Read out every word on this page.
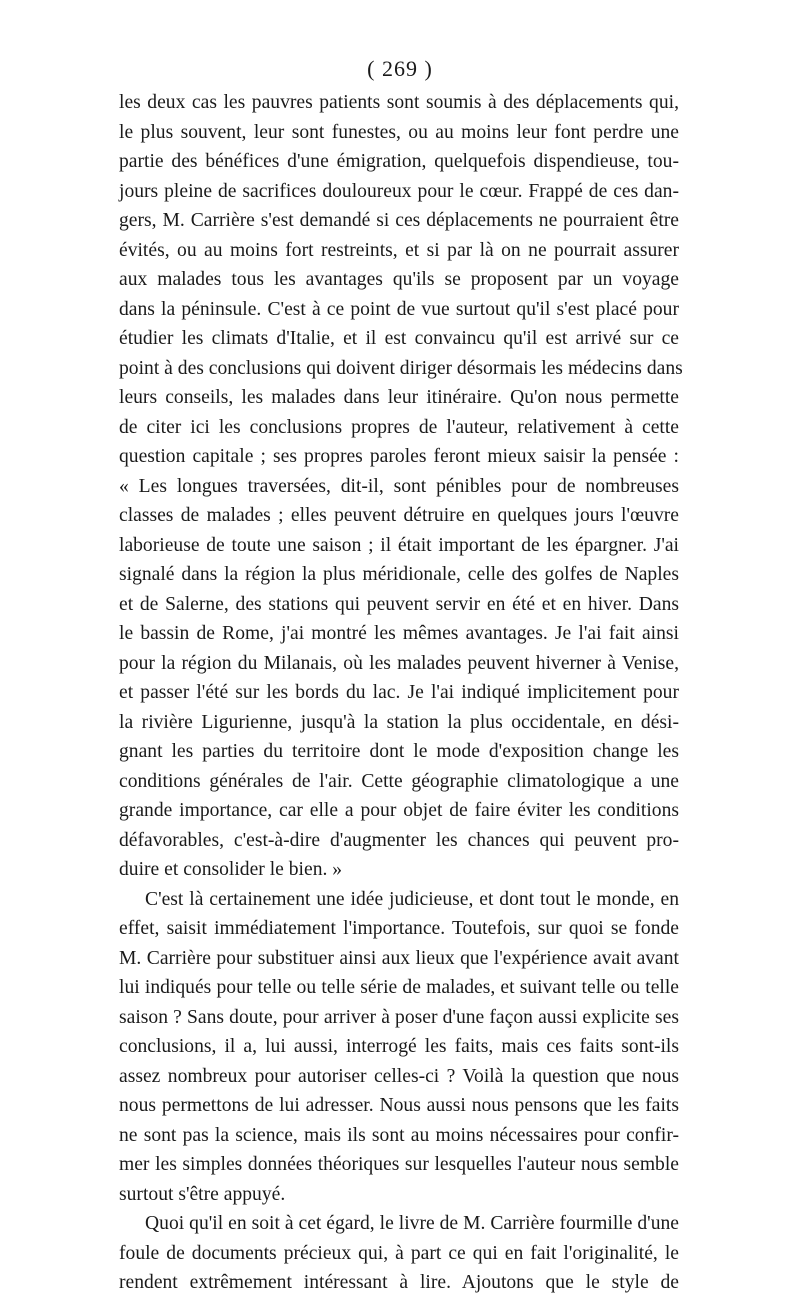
( 269 )
les deux cas les pauvres patients sont soumis à des déplacements qui,
le plus souvent, leur sont funestes, ou au moins leur font perdre une
partie des bénéfices d'une émigration, quelquefois dispendieuse, tou-
jours pleine de sacrifices douloureux pour le cœur. Frappé de ces dan-
gers, M. Carrière s'est demandé si ces déplacements ne pourraient être
évités, ou au moins fort restreints, et si par là on ne pourrait assurer
aux malades tous les avantages qu'ils se proposent par un voyage
dans la péninsule. C'est à ce point de vue surtout qu'il s'est placé pour
étudier les climats d'Italie, et il est convaincu qu'il est arrivé sur ce
point à des conclusions qui doivent diriger désormais les médecins dans
leurs conseils, les malades dans leur itinéraire. Qu'on nous permette
de citer ici les conclusions propres de l'auteur, relativement à cette
question capitale ; ses propres paroles feront mieux saisir la pensée :
« Les longues traversées, dit-il, sont pénibles pour de nombreuses
classes de malades ; elles peuvent détruire en quelques jours l'œuvre
laborieuse de toute une saison ; il était important de les épargner. J'ai
signalé dans la région la plus méridionale, celle des golfes de Naples
et de Salerne, des stations qui peuvent servir en été et en hiver. Dans
le bassin de Rome, j'ai montré les mêmes avantages. Je l'ai fait ainsi
pour la région du Milanais, où les malades peuvent hiverner à Venise,
et passer l'été sur les bords du lac. Je l'ai indiqué implicitement pour
la rivière Ligurienne, jusqu'à la station la plus occidentale, en dési-
gnant les parties du territoire dont le mode d'exposition change les
conditions générales de l'air. Cette géographie climatologique a une
grande importance, car elle a pour objet de faire éviter les conditions
défavorables, c'est-à-dire d'augmenter les chances qui peuvent pro-
duire et consolider le bien. »
C'est là certainement une idée judicieuse, et dont tout le monde, en
effet, saisit immédiatement l'importance. Toutefois, sur quoi se fonde
M. Carrière pour substituer ainsi aux lieux que l'expérience avait avant
lui indiqués pour telle ou telle série de malades, et suivant telle ou telle
saison ? Sans doute, pour arriver à poser d'une façon aussi explicite ses
conclusions, il a, lui aussi, interrogé les faits, mais ces faits sont-ils
assez nombreux pour autoriser celles-ci ? Voilà la question que nous
nous permettons de lui adresser. Nous aussi nous pensons que les faits
ne sont pas la science, mais ils sont au moins nécessaires pour confir-
mer les simples données théoriques sur lesquelles l'auteur nous semble
surtout s'être appuyé.
Quoi qu'il en soit à cet égard, le livre de M. Carrière fourmille d'une
foule de documents précieux qui, à part ce qui en fait l'originalité, le
rendent extrêmement intéressant à lire. Ajoutons que le style de
